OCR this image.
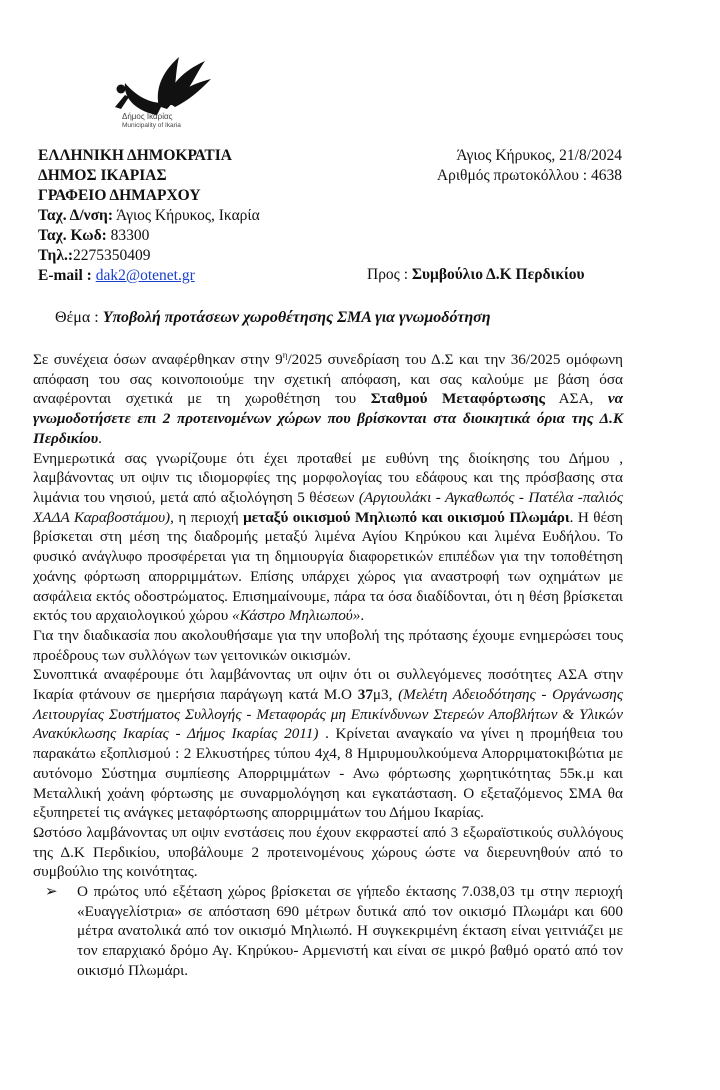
Δήμος Ικαρίας
Municipality of Ikaria
ΕΛΛΗΝΙΚΗ ΔΗΜΟΚΡΑΤΙΑ
ΔΗΜΟΣ ΙΚΑΡΙΑΣ
ΓΡΑΦΕΙΟ ΔΗΜΑΡΧΟΥ
Ταχ. Δ/νση: Άγιος Κήρυκος, Ικαρία
Ταχ. Κωδ: 83300
Τηλ.:2275350409
E-mail : dak2@otenet.gr
Άγιος Κήρυκος, 21/8/2024
Αριθμός πρωτοκόλλου : 4638
Προς : Συμβούλιο Δ.Κ Περδικίου
Θέμα : Υποβολή προτάσεων χωροθέτησης ΣΜΑ για γνωμοδότηση

Σε συνέχεια όσων αναφέρθηκαν στην $9^\eta/2025$ συνεδρίαση του Δ.Σ και την 36/2025 ομόφωνη απόφαση του σας κοινοποιούμε την σχετική απόφαση, και σας καλούμε με βάση όσα αναφέρονται σχετικά με τη χωροθέτηση του Σταθμού Μεταφόρτωσης ΑΣΑ, να γνωμοδοτήσετε επι 2 προτεινομένων χώρων που βρίσκονται στα διοικητικά όρια της Δ.Κ Περδικίου.

Ενημερωτικά σας γνωρίζουμε ότι έχει προταθεί με ευθύνη της διοίκησης του Δήμου , λαμβάνοντας υπ οψιν τις ιδιομορφίες της μορφολογίας του εδάφους και της πρόσβασης στα λιμάνια του νησιού, μετά από αξιολόγηση 5 θέσεων (Αργιουλάκι - Αγκαθωπός - Πατέλα -παλιός ΧΑΔΑ Καραβοστάμου), η περιοχή μεταξύ οικισμού Μηλιωπό και οικισμού Πλωμάρι. Η θέση βρίσκεται στη μέση της διαδρομής μεταξύ λιμένα Αγίου Κηρύκου και λιμένα Ευδήλου. Το φυσικό ανάγλυφο προσφέρεται για τη δημιουργία διαφορετικών επιπέδων για την τοποθέτηση χοάνης φόρτωση απορριμμάτων. Επίσης υπάρχει χώρος για αναστροφή των οχημάτων με ασφάλεια εκτός οδοστρώματος. Επισημαίνουμε, πάρα τα όσα διαδίδονται, ότι η θέση βρίσκεται εκτός του αρχαιολογικού χώρου «Κάστρο Μηλιωπού».

Για την διαδικασία που ακολουθήσαμε για την υποβολή της πρότασης έχουμε ενημερώσει τους προέδρους των συλλόγων των γειτονικών οικισμών.

Συνοπτικά αναφέρουμε ότι λαμβάνοντας υπ οψιν ότι οι συλλεγόμενες ποσότητες ΑΣΑ στην Ικαρία φτάνουν σε ημερήσια παράγωγη κατά Μ.Ο 37μ3, (Μελέτη Αδειοδότησης - Οργάνωσης Λειτουργίας Συστήματος Συλλογής - Μεταφοράς μη Επικίνδυνων Στερεών Αποβλήτων & Υλικών Ανακύκλωσης Ικαρίας - Δήμος Ικαρίας 2011) . Κρίνεται αναγκαίο να γίνει η προμήθεια του παρακάτω εξοπλισμού : 2 Ελκυστήρες τύπου 4χ4, 8 Ημιρυμουλκούμενα Απορριματοκιβώτια με αυτόνομο Σύστημα συμπίεσης Απορριμμάτων - Ανω φόρτωσης χωρητικότητας 55κ.μ και Μεταλλική χοάνη φόρτωσης με συναρμολόγηση και εγκατάσταση. Ο εξεταζόμενος ΣΜΑ θα εξυπηρετεί τις ανάγκες μεταφόρτωσης απορριμμάτων του Δήμου Ικαρίας.

Ωστόσο λαμβάνοντας υπ οψιν ενστάσεις που έχουν εκφραστεί από 3 εξωραϊστικούς συλλόγους της Δ.Κ Περδικίου, υποβάλουμε 2 προτεινομένους χώρους ώστε να διερευνηθούν από το συμβούλιο της κοινότητας.

➢	Ο πρώτος υπό εξέταση χώρος βρίσκεται σε γήπεδο έκτασης 7.038,03 τμ στην περιοχή «Ευαγγελίστρια» σε απόσταση 690 μέτρων δυτικά από τον οικισμό Πλωμάρι και 600 μέτρα ανατολικά από τον οικισμό Μηλιωπό. Η συγκεκριμένη έκταση είναι γειτνιάζει με τον επαρχιακό δρόμο Αγ. Κηρύκου- Αρμενιστή και είναι σε μικρό βαθμό ορατό από τον οικισμό Πλωμάρι.
